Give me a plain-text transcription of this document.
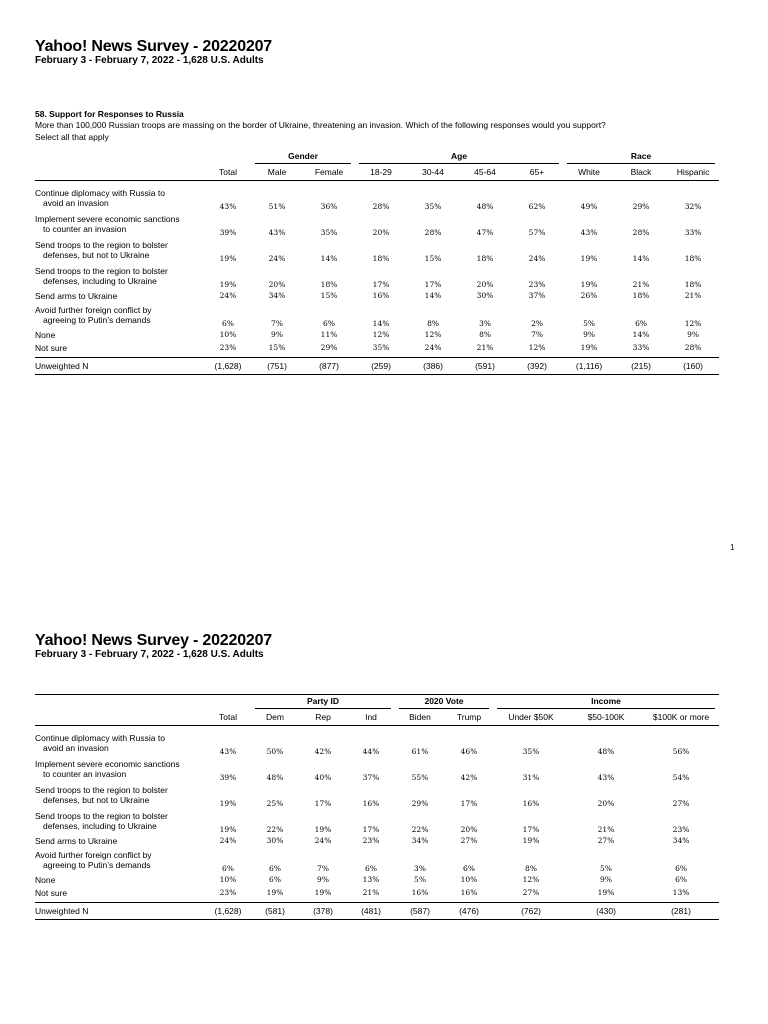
Yahoo! News Survey - 20220207
February 3 - February 7, 2022 - 1,628 U.S. Adults
58. Support for Responses to Russia
More than 100,000 Russian troops are massing on the border of Ukraine, threatening an invasion. Which of the following responses would you support?
Select all that apply

		Gender		Age				Race		

	Total	Male	Female	18-29	30-44	45-64	65+	White	Black	Hispanic

Continue diplomacy with Russia to
avoid an invasion	43%	51%	36%	28%	35%	48%	62%	49%	29%	32%

Implement severe economic sanctions
to counter an invasion	39%	43%	35%	20%	28%	47%	57%	43%	28%	33%

Send troops to the region to bolster
defenses, but not to Ukraine	19%	24%	14%	18%	15%	18%	24%	19%	14%	18%

Send troops to the region to bolster
defenses, including to Ukraine	19%	20%	18%	17%	17%	20%	23%	19%	21%	18%

Send arms to Ukraine	24%	34%	15%	16%	14%	30%	37%	26%	18%	21%

Avoid further foreign conflict by
agreeing to Putin’s demands	6%	7%	6%	14%	8%	3%	2%	5%	6%	12%

None	10%	9%	11%	12%	12%	8%	7%	9%	14%	9%

Not sure	23%	15%	29%	35%	24%	21%	12%	19%	33%	28%
Unweighted N	(1,628)	(751)	(877)	(259)	(386)	(591)	(392)	(1,116)	(215)	(160)
1
Yahoo! News Survey - 20220207
February 3 - February 7, 2022 - 1,628 U.S. Adults

		Party ID			2020 Vote		Income		

	Total	Dem	Rep	Ind	Biden	Trump	Under $50K	$50-100K	$100K or more

Continue diplomacy with Russia to
avoid an invasion	43%	50%	42%	44%	61%	46%	35%	48%	56%

Implement severe economic sanctions
to counter an invasion	39%	48%	40%	37%	55%	42%	31%	43%	54%

Send troops to the region to bolster
defenses, but not to Ukraine	19%	25%	17%	16%	29%	17%	16%	20%	27%

Send troops to the region to bolster
defenses, including to Ukraine	19%	22%	19%	17%	22%	20%	17%	21%	23%

Send arms to Ukraine	24%	30%	24%	23%	34%	27%	19%	27%	34%

Avoid further foreign conflict by
agreeing to Putin’s demands	6%	6%	7%	6%	3%	6%	8%	5%	6%

None	10%	6%	9%	13%	5%	10%	12%	9%	6%

Not sure	23%	19%	19%	21%	16%	16%	27%	19%	13%
Unweighted N	(1,628)	(581)	(378)	(481)	(587)	(476)	(762)	(430)	(281)
